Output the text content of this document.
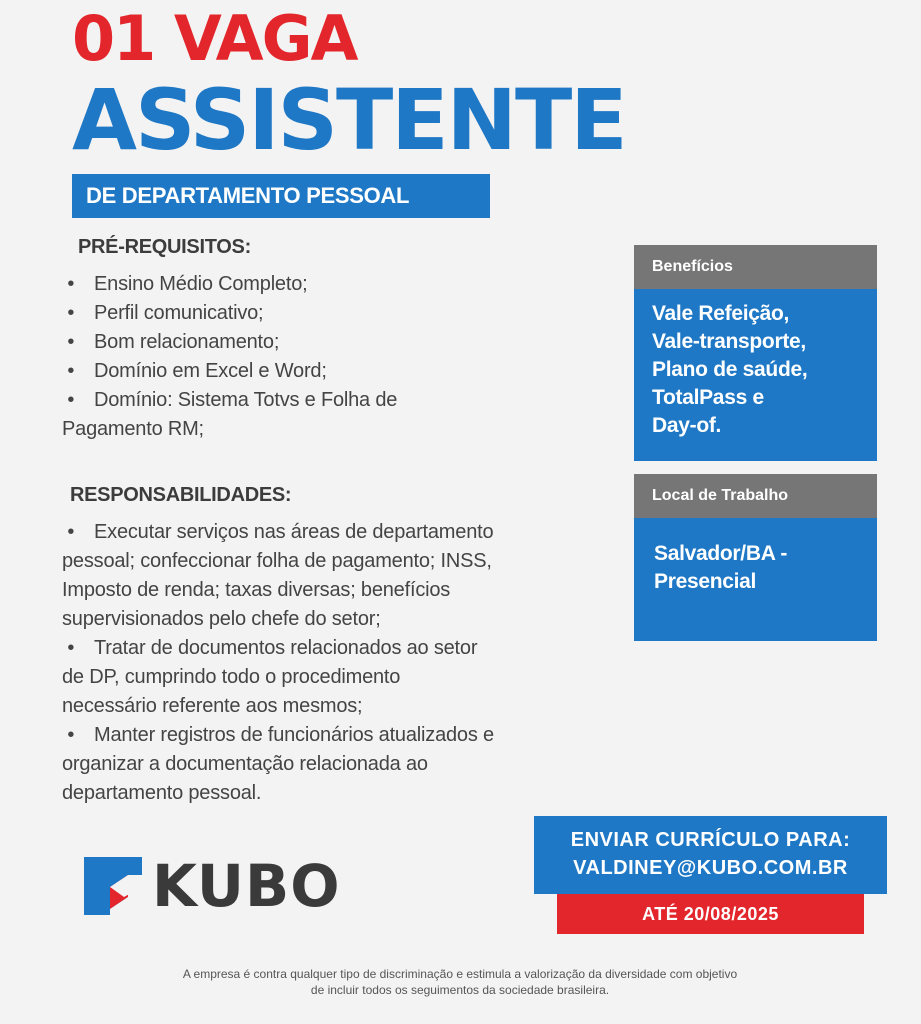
01 VAGA
ASSISTENTE
DE DEPARTAMENTO PESSOAL
PRÉ-REQUISITOS:
• Ensino Médio Completo;
• Perfil comunicativo;
• Bom relacionamento;
• Domínio em Excel e Word;
• Domínio: Sistema Totvs e Folha de
Pagamento RM;
RESPONSABILIDADES:
• Executar serviços nas áreas de departamento
pessoal; confeccionar folha de pagamento; INSS,
Imposto de renda; taxas diversas; benefícios
supervisionados pelo chefe do setor;
• Tratar de documentos relacionados ao setor
de DP, cumprindo todo o procedimento
necessário referente aos mesmos;
• Manter registros de funcionários atualizados e
organizar a documentação relacionada ao
departamento pessoal.
Benefícios
Vale Refeição,
Vale-transporte,
Plano de saúde,
TotalPass e
Day-of.
Local de Trabalho
Salvador/BA -
Presencial
KUBO
ENVIAR CURRÍCULO PARA:
VALDINEY@KUBO.COM.BR
ATÉ 20/08/2025
A empresa é contra qualquer tipo de discriminação e estimula a valorização da diversidade com objetivo
de incluir todos os seguimentos da sociedade brasileira.
